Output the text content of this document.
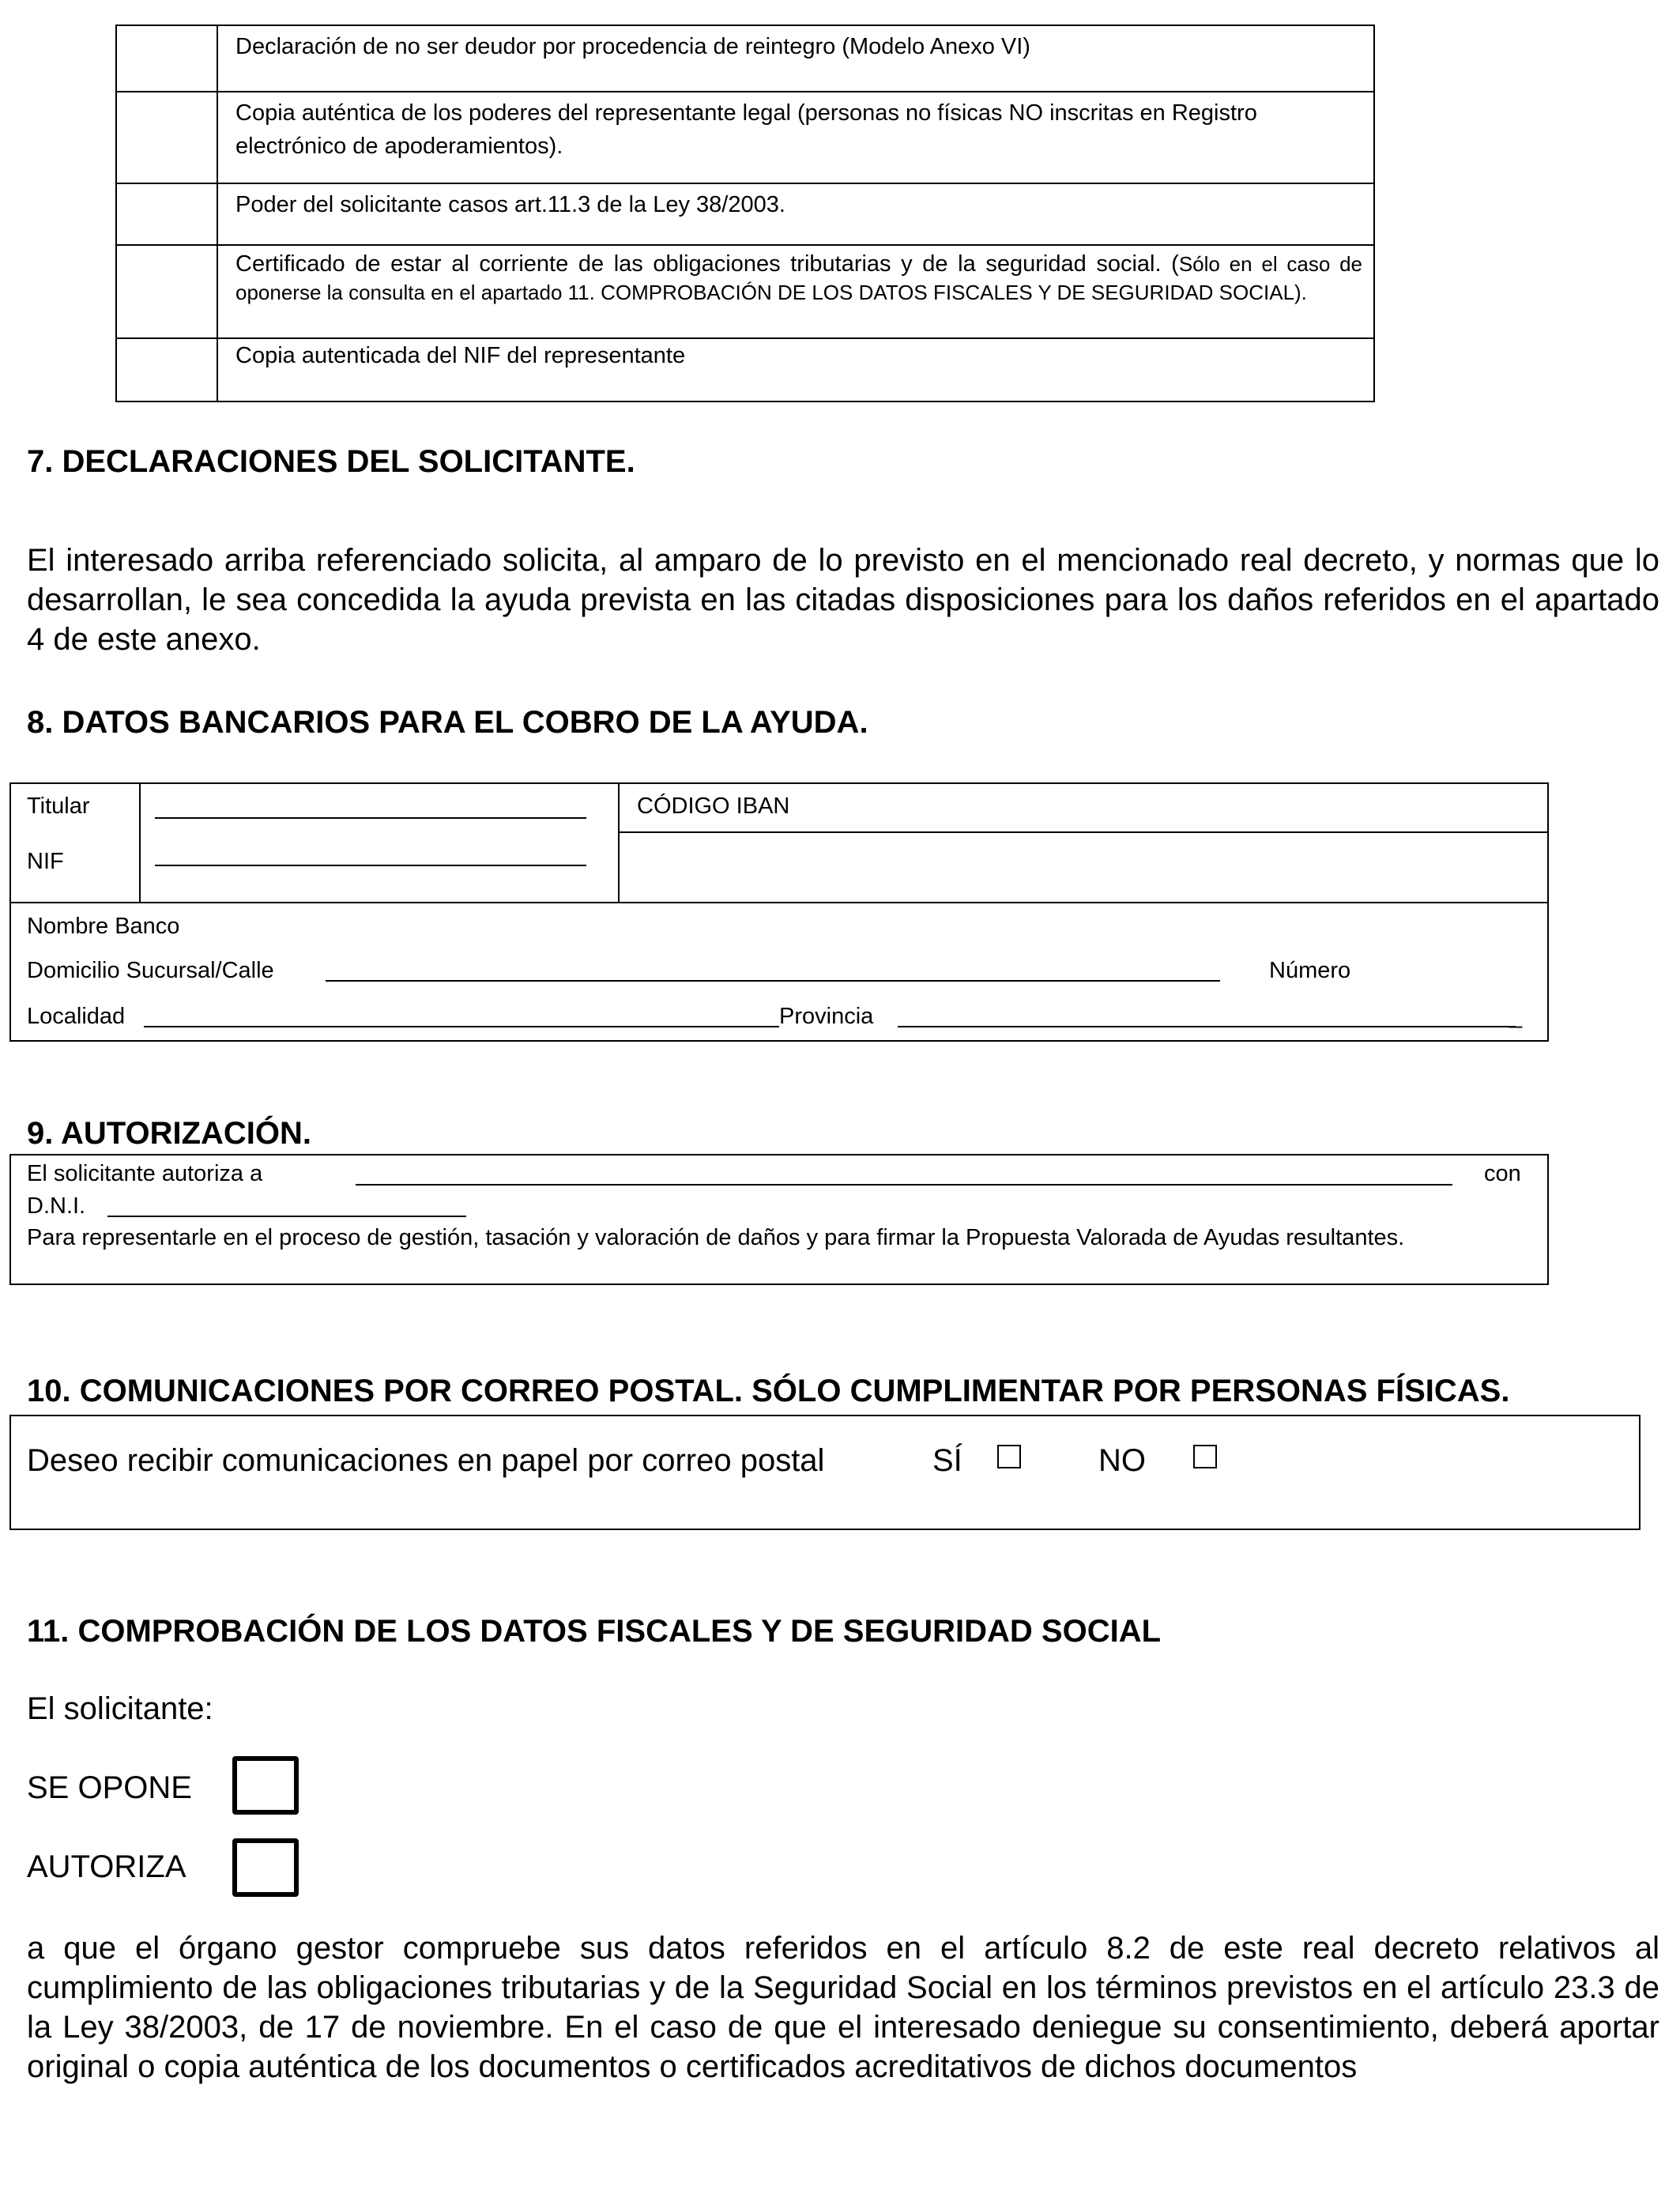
	Declaración de no ser deudor por procedencia de reintegro (Modelo Anexo VI)
	Copia auténtica de los poderes del representante legal (personas no físicas NO inscritas en Registro electrónico de apoderamientos).
	Poder del solicitante casos art.11.3 de la Ley 38/2003.
	Certificado de estar al corriente de las obligaciones tributarias y de la seguridad social. (Sólo en el caso de oponerse la consulta en el apartado 11. COMPROBACIÓN DE LOS DATOS FISCALES Y DE SEGURIDAD SOCIAL).
	Copia autenticada del NIF del representante
7. DECLARACIONES DEL SOLICITANTE.
El interesado arriba referenciado solicita, al amparo de lo previsto en el mencionado real decreto, y normas que lo desarrollan, le sea concedida la ayuda prevista en las citadas disposiciones para los daños referidos en el apartado 4 de este anexo.
8. DATOS BANCARIOS PARA EL COBRO DE LA AYUDA.
Titular
NIF
CÓDIGO IBAN
Nombre Banco
Domicilio Sucursal/Calle	Número
Localidad	Provincia	_
9. AUTORIZACIÓN.
El solicitante autoriza a	con
D.N.I.
Para representarle en el proceso de gestión, tasación y valoración de daños y para firmar la Propuesta Valorada de Ayudas resultantes.
10. COMUNICACIONES POR CORREO POSTAL. SÓLO CUMPLIMENTAR POR PERSONAS FÍSICAS.
Deseo recibir comunicaciones en papel por correo postal	SÍ	NO
11. COMPROBACIÓN DE LOS DATOS FISCALES Y DE SEGURIDAD SOCIAL
El solicitante:
SE OPONE
AUTORIZA
a que el órgano gestor compruebe sus datos referidos en el artículo 8.2 de este real decreto relativos al cumplimiento de las obligaciones tributarias y de la Seguridad Social en los términos previstos en el artículo 23.3 de la Ley 38/2003, de 17 de noviembre. En el caso de que el interesado deniegue su consentimiento, deberá aportar original o copia auténtica de los documentos o certificados acreditativos de dichos documentos
